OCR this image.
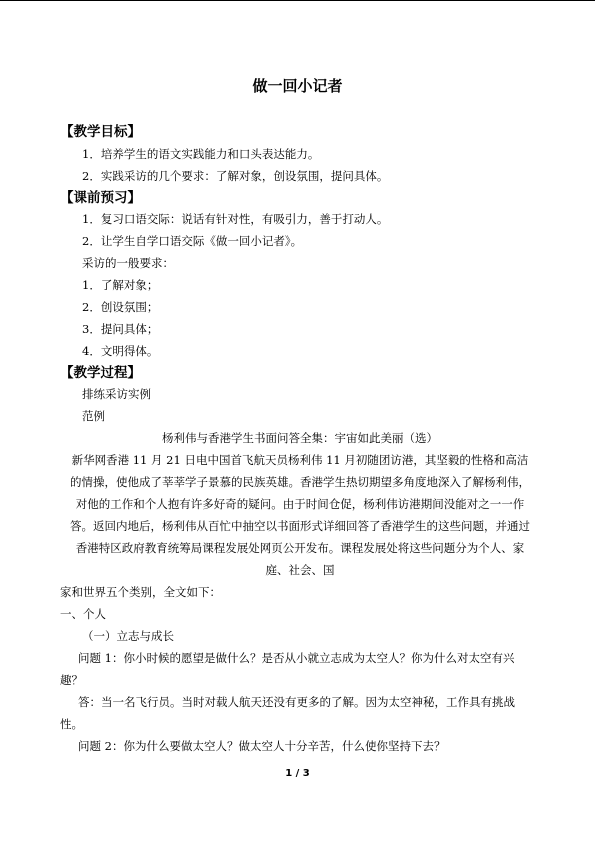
做一回小记者
【教学目标】
1．培养学生的语文实践能力和口头表达能力。
2．实践采访的几个要求：了解对象，创设氛围，提问具体。
【课前预习】
1．复习口语交际：说话有针对性，有吸引力，善于打动人。
2．让学生自学口语交际《做一回小记者》。
采访的一般要求：
1．了解对象；
2．创设氛围；
3．提问具体；
4．文明得体。
【教学过程】
排练采访实例
范例
杨利伟与香港学生书面问答全集：宇宙如此美丽（选）
新华网香港 11 月 21 日电中国首飞航天员杨利伟 11 月初随团访港，其坚毅的性格和高洁
的情操，使他成了莘莘学子景慕的民族英雄。香港学生热切期望多角度地深入了解杨利伟，
对他的工作和个人抱有许多好奇的疑问。由于时间仓促，杨利伟访港期间没能对之一一作
答。返回内地后，杨利伟从百忙中抽空以书面形式详细回答了香港学生的这些问题，并通过
香港特区政府教育统筹局课程发展处网页公开发布。课程发展处将这些问题分为个人、家
庭、社会、国
家和世界五个类别，全文如下：
一、个人
（一）立志与成长
问题 1：你小时候的愿望是做什么？是否从小就立志成为太空人？你为什么对太空有兴
趣？
答：当一名飞行员。当时对载人航天还没有更多的了解。因为太空神秘，工作具有挑战
性。
问题 2：你为什么要做太空人？做太空人十分辛苦，什么使你坚持下去？
1 / 3
